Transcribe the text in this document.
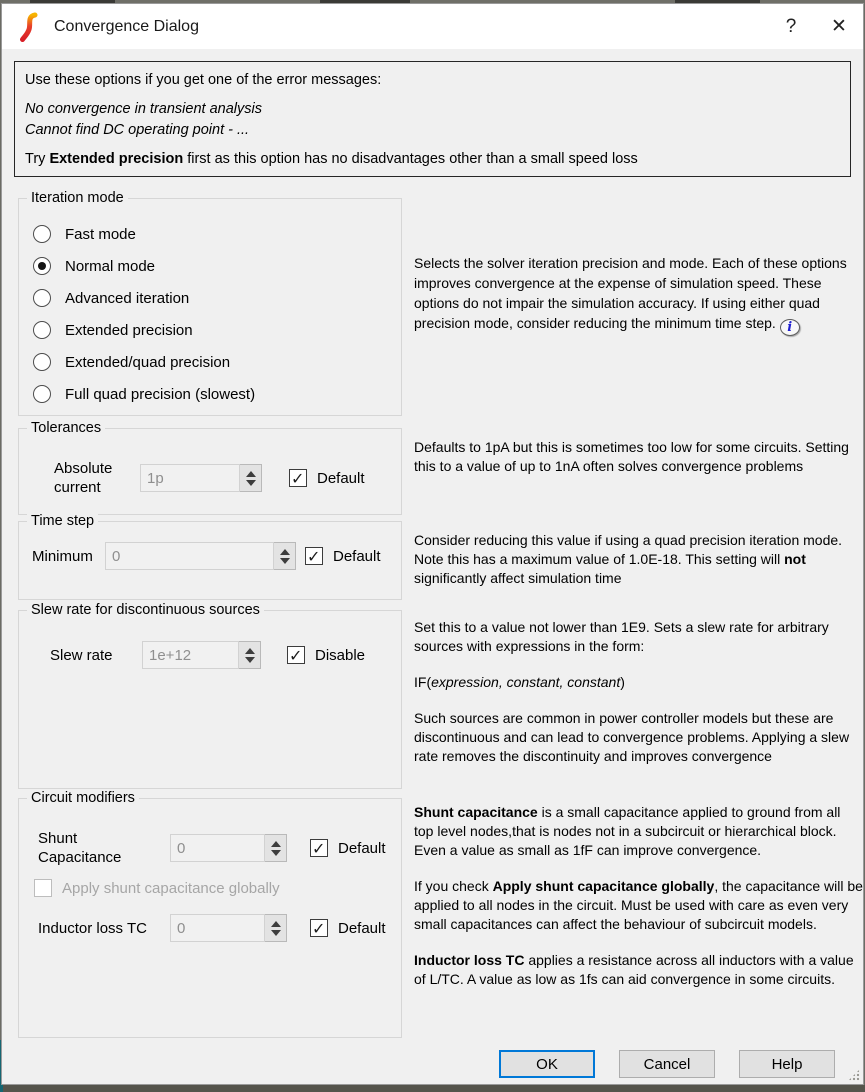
Convergence Dialog	?	✕
Use these options if you get one of the error messages:
No convergence in transient analysis
Cannot find DC operating point - ...
Try Extended precision first as this option has no disadvantages other than a small speed loss
Iteration mode
Fast mode
Normal mode
Advanced iteration
Extended precision
Extended/quad precision
Full quad precision (slowest)

Selects the solver iteration precision and mode. Each of these options improves convergence at the expense of simulation speed. These options do not impair the simulation accuracy. If using either quad precision mode, consider reducing the minimum time step. i

Tolerances
Absolute current
1p ✓	Default

Defaults to 1pA but this is sometimes too low for some circuits. Setting this to a value of up to 1nA often solves convergence problems

Time step
Minimum 0 ✓	Default

Consider reducing this value if using a quad precision iteration mode. Note this has a maximum value of 1.0E-18. This setting will not significantly affect simulation time

Slew rate for discontinuous sources
Slew rate	1e+12 ✓	Disable

Set this to a value not lower than 1E9. Sets a slew rate for arbitrary sources with expressions in the form:

IF(expression, constant, constant)

Such sources are common in power controller models but these are discontinuous and can lead to convergence problems. Applying a slew rate removes the discontinuity and improves convergence

Circuit modifiers
Shunt Capacitance
0 ✓	Default
Apply shunt capacitance globally
Inductor loss TC	0 ✓	Default

Shunt capacitance is a small capacitance applied to ground from all top level nodes,that is nodes not in a subcircuit or hierarchical block. Even a value as small as 1fF can improve convergence.

If you check Apply shunt capacitance globally, the capacitance will be applied to all nodes in the circuit. Must be used with care as even very small capacitances can affect the behaviour of subcircuit models.

Inductor loss TC applies a resistance across all inductors with a value of L/TC. A value as low as 1fs can aid convergence in some circuits.

OK	Cancel	Help
